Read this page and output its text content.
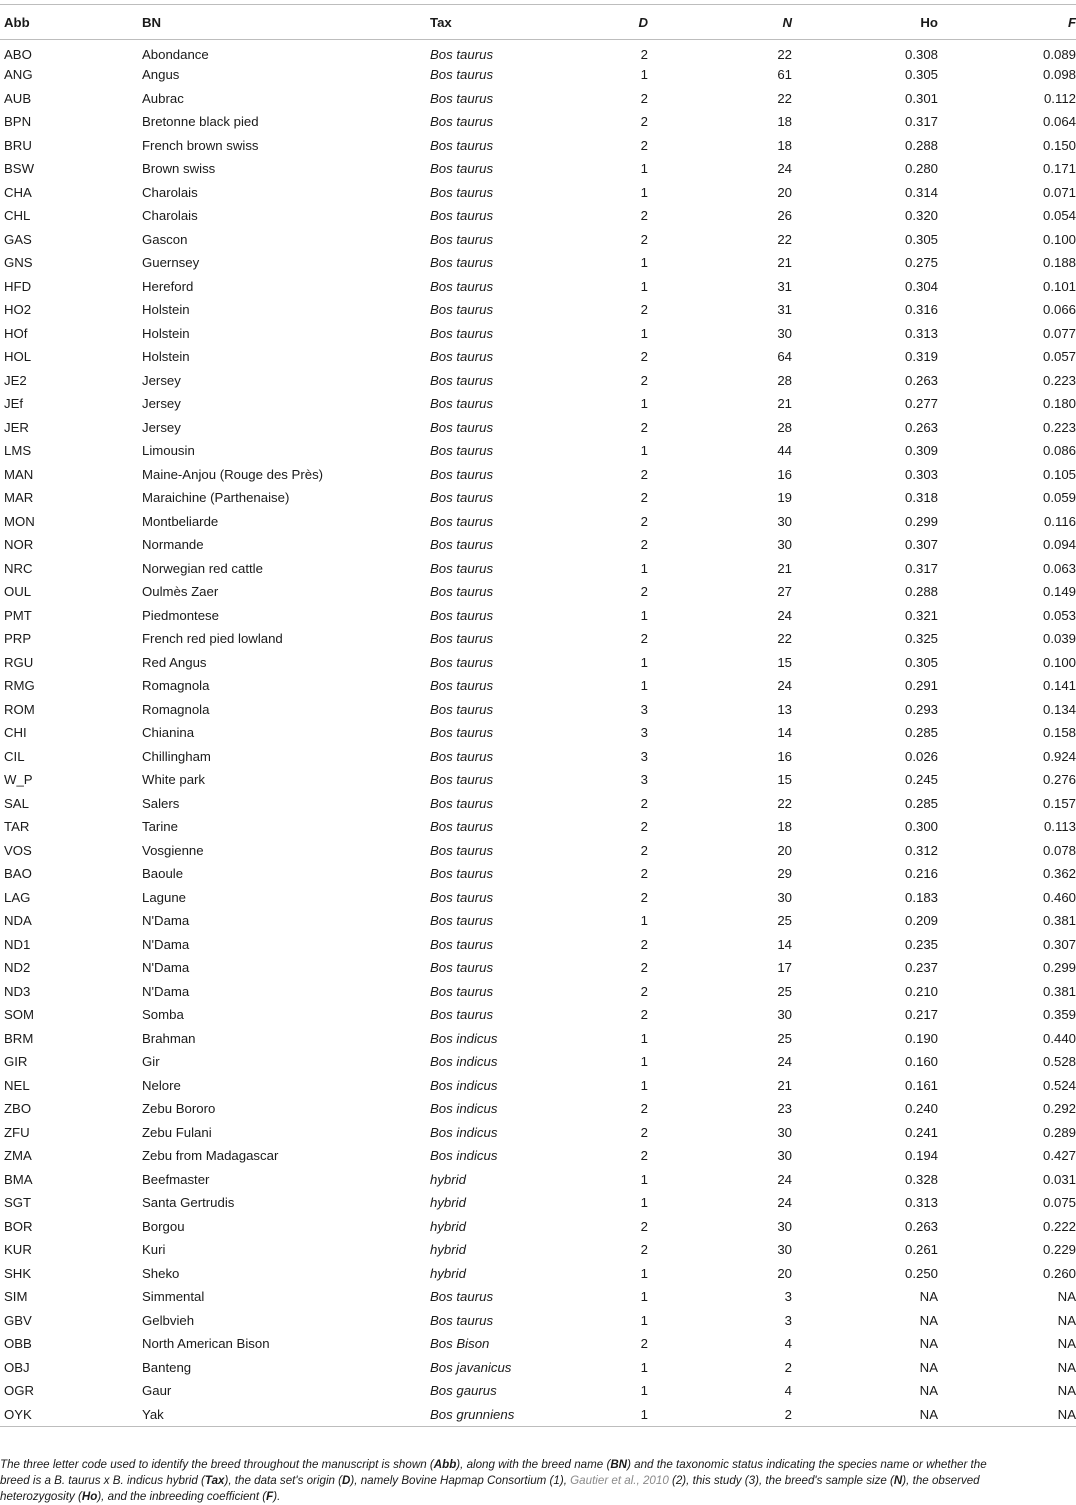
Abb	BN	Tax	D	N	Ho	F
ABO	Abondance	Bos taurus	2	22	0.308	0.089
ANG	Angus	Bos taurus	1	61	0.305	0.098
AUB	Aubrac	Bos taurus	2	22	0.301	0.112
BPN	Bretonne black pied	Bos taurus	2	18	0.317	0.064
BRU	French brown swiss	Bos taurus	2	18	0.288	0.150
BSW	Brown swiss	Bos taurus	1	24	0.280	0.171
CHA	Charolais	Bos taurus	1	20	0.314	0.071
CHL	Charolais	Bos taurus	2	26	0.320	0.054
GAS	Gascon	Bos taurus	2	22	0.305	0.100
GNS	Guernsey	Bos taurus	1	21	0.275	0.188
HFD	Hereford	Bos taurus	1	31	0.304	0.101
HO2	Holstein	Bos taurus	2	31	0.316	0.066
HOf	Holstein	Bos taurus	1	30	0.313	0.077
HOL	Holstein	Bos taurus	2	64	0.319	0.057
JE2	Jersey	Bos taurus	2	28	0.263	0.223
JEf	Jersey	Bos taurus	1	21	0.277	0.180
JER	Jersey	Bos taurus	2	28	0.263	0.223
LMS	Limousin	Bos taurus	1	44	0.309	0.086
MAN	Maine-Anjou (Rouge des Près)	Bos taurus	2	16	0.303	0.105
MAR	Maraichine (Parthenaise)	Bos taurus	2	19	0.318	0.059
MON	Montbeliarde	Bos taurus	2	30	0.299	0.116
NOR	Normande	Bos taurus	2	30	0.307	0.094
NRC	Norwegian red cattle	Bos taurus	1	21	0.317	0.063
OUL	Oulmès Zaer	Bos taurus	2	27	0.288	0.149
PMT	Piedmontese	Bos taurus	1	24	0.321	0.053
PRP	French red pied lowland	Bos taurus	2	22	0.325	0.039
RGU	Red Angus	Bos taurus	1	15	0.305	0.100
RMG	Romagnola	Bos taurus	1	24	0.291	0.141
ROM	Romagnola	Bos taurus	3	13	0.293	0.134
CHI	Chianina	Bos taurus	3	14	0.285	0.158
CIL	Chillingham	Bos taurus	3	16	0.026	0.924
W_P	White park	Bos taurus	3	15	0.245	0.276
SAL	Salers	Bos taurus	2	22	0.285	0.157
TAR	Tarine	Bos taurus	2	18	0.300	0.113
VOS	Vosgienne	Bos taurus	2	20	0.312	0.078
BAO	Baoule	Bos taurus	2	29	0.216	0.362
LAG	Lagune	Bos taurus	2	30	0.183	0.460
NDA	N'Dama	Bos taurus	1	25	0.209	0.381
ND1	N'Dama	Bos taurus	2	14	0.235	0.307
ND2	N'Dama	Bos taurus	2	17	0.237	0.299
ND3	N'Dama	Bos taurus	2	25	0.210	0.381
SOM	Somba	Bos taurus	2	30	0.217	0.359
BRM	Brahman	Bos indicus	1	25	0.190	0.440
GIR	Gir	Bos indicus	1	24	0.160	0.528
NEL	Nelore	Bos indicus	1	21	0.161	0.524
ZBO	Zebu Bororo	Bos indicus	2	23	0.240	0.292
ZFU	Zebu Fulani	Bos indicus	2	30	0.241	0.289
ZMA	Zebu from Madagascar	Bos indicus	2	30	0.194	0.427
BMA	Beefmaster	hybrid	1	24	0.328	0.031
SGT	Santa Gertrudis	hybrid	1	24	0.313	0.075
BOR	Borgou	hybrid	2	30	0.263	0.222
KUR	Kuri	hybrid	2	30	0.261	0.229
SHK	Sheko	hybrid	1	20	0.250	0.260
SIM	Simmental	Bos taurus	1	3	NA	NA
GBV	Gelbvieh	Bos taurus	1	3	NA	NA
OBB	North American Bison	Bos Bison	2	4	NA	NA
OBJ	Banteng	Bos javanicus	1	2	NA	NA
OGR	Gaur	Bos gaurus	1	4	NA	NA
OYK	Yak	Bos grunniens	1	2	NA	NA
The three letter code used to identify the breed throughout the manuscript is shown (Abb), along with the breed name (BN) and the taxonomic status indicating the species name or whether the breed is a B. taurus x B. indicus hybrid (Tax), the data set's origin (D), namely Bovine Hapmap Consortium (1), Gautier et al., 2010 (2), this study (3), the breed's sample size (N), the observed heterozygosity (Ho), and the inbreeding coefficient (F).
